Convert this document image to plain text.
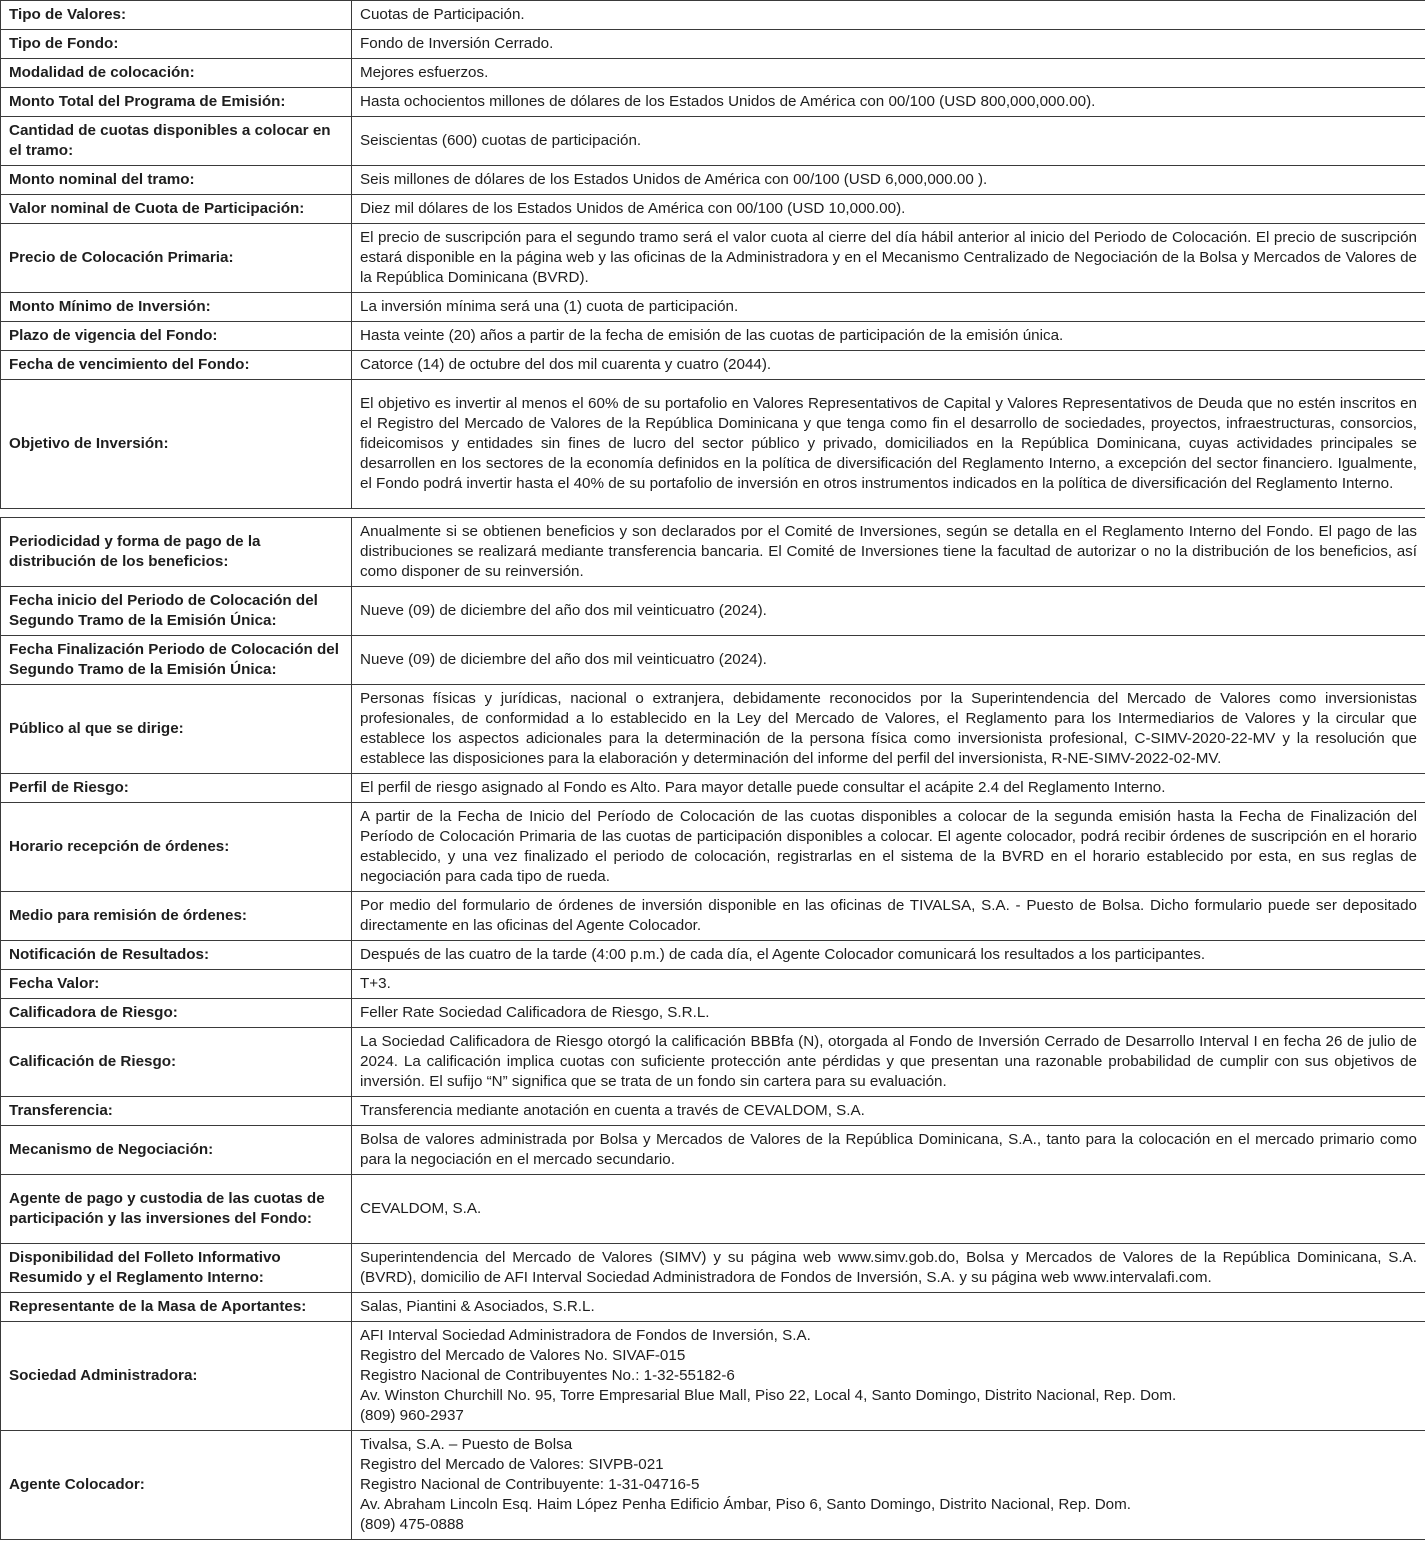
Tipo de Valores:	Cuotas de Participación.
Tipo de Fondo:	Fondo de Inversión Cerrado.
Modalidad de colocación:	Mejores esfuerzos.
Monto Total del Programa de Emisión:	Hasta ochocientos millones de dólares de los Estados Unidos de América con 00/100 (USD 800,000,000.00).
Cantidad de cuotas disponibles a colocar en el tramo:	Seiscientas (600) cuotas de participación.
Monto nominal del tramo:	Seis millones de dólares de los Estados Unidos de América con 00/100 (USD 6,000,000.00 ).
Valor nominal de Cuota de Participación:	Diez mil dólares de los Estados Unidos de América con 00/100 (USD 10,000.00).
Precio de Colocación Primaria:	El precio de suscripción para el segundo tramo será el valor cuota al cierre del día hábil anterior al inicio del Periodo de Colocación. El precio de suscripción estará disponible en la página web y las oficinas de la Administradora y en el Mecanismo Centralizado de Negociación de la Bolsa y Mercados de Valores de la República Dominicana (BVRD).
Monto Mínimo de Inversión:	La inversión mínima será una (1) cuota de participación.
Plazo de vigencia del Fondo:	Hasta veinte (20) años a partir de la fecha de emisión de las cuotas de participación de la emisión única.
Fecha de vencimiento del Fondo:	Catorce (14) de octubre del dos mil cuarenta y cuatro (2044).
Objetivo de Inversión:	El objetivo es invertir al menos el 60% de su portafolio en Valores Representativos de Capital y Valores Representativos de Deuda que no estén inscritos en el Registro del Mercado de Valores de la República Dominicana y que tenga como fin el desarrollo de sociedades, proyectos, infraestructuras, consorcios, fideicomisos y entidades sin fines de lucro del sector público y privado, domiciliados en la República Dominicana, cuyas actividades principales se desarrollen en los sectores de la economía definidos en la política de diversificación del Reglamento Interno, a excepción del sector financiero. Igualmente, el Fondo podrá invertir hasta el 40% de su portafolio de inversión en otros instrumentos indicados en la política de diversificación del Reglamento Interno.
Periodicidad y forma de pago de la distribución de los beneficios:	Anualmente si se obtienen beneficios y son declarados por el Comité de Inversiones, según se detalla en el Reglamento Interno del Fondo. El pago de las distribuciones se realizará mediante transferencia bancaria. El Comité de Inversiones tiene la facultad de autorizar o no la distribución de los beneficios, así como disponer de su reinversión.
Fecha inicio del Periodo de Colocación del Segundo Tramo de la Emisión Única:	Nueve (09) de diciembre del año dos mil veinticuatro (2024).
Fecha Finalización Periodo de Colocación del Segundo Tramo de la Emisión Única:	Nueve (09) de diciembre del año dos mil veinticuatro (2024).
Público al que se dirige:	Personas físicas y jurídicas, nacional o extranjera, debidamente reconocidos por la Superintendencia del Mercado de Valores como inversionistas profesionales, de conformidad a lo establecido en la Ley del Mercado de Valores, el Reglamento para los Intermediarios de Valores y la circular que establece los aspectos adicionales para la determinación de la persona física como inversionista profesional, C-SIMV-2020-22-MV y la resolución que establece las disposiciones para la elaboración y determinación del informe del perfil del inversionista, R-NE-SIMV-2022-02-MV.
Perfil de Riesgo:	El perfil de riesgo asignado al Fondo es Alto. Para mayor detalle puede consultar el acápite 2.4 del Reglamento Interno.
Horario recepción de órdenes:	A partir de la Fecha de Inicio del Período de Colocación de las cuotas disponibles a colocar de la segunda emisión hasta la Fecha de Finalización del Período de Colocación Primaria de las cuotas de participación disponibles a colocar. El agente colocador, podrá recibir órdenes de suscripción en el horario establecido, y una vez finalizado el periodo de colocación, registrarlas en el sistema de la BVRD en el horario establecido por esta, en sus reglas de negociación para cada tipo de rueda.
Medio para remisión de órdenes:	Por medio del formulario de órdenes de inversión disponible en las oficinas de TIVALSA, S.A. - Puesto de Bolsa. Dicho formulario puede ser depositado directamente en las oficinas del Agente Colocador.
Notificación de Resultados:	Después de las cuatro de la tarde (4:00 p.m.) de cada día, el Agente Colocador comunicará los resultados a los participantes.
Fecha Valor:	T+3.
Calificadora de Riesgo:	Feller Rate Sociedad Calificadora de Riesgo, S.R.L.
Calificación de Riesgo:	La Sociedad Calificadora de Riesgo otorgó la calificación BBBfa (N), otorgada al Fondo de Inversión Cerrado de Desarrollo Interval I en fecha 26 de julio de 2024. La calificación implica cuotas con suficiente protección ante pérdidas y que presentan una razonable probabilidad de cumplir con sus objetivos de inversión. El sufijo “N” significa que se trata de un fondo sin cartera para su evaluación.
Transferencia:	Transferencia mediante anotación en cuenta a través de CEVALDOM, S.A.
Mecanismo de Negociación:	Bolsa de valores administrada por Bolsa y Mercados de Valores de la República Dominicana, S.A., tanto para la colocación en el mercado primario como para la negociación en el mercado secundario.
Agente de pago y custodia de las cuotas de participación y las inversiones del Fondo:	CEVALDOM, S.A.
Disponibilidad del Folleto Informativo Resumido y el Reglamento Interno:	Superintendencia del Mercado de Valores (SIMV) y su página web www.simv.gob.do, Bolsa y Mercados de Valores de la República Dominicana, S.A. (BVRD), domicilio de AFI Interval Sociedad Administradora de Fondos de Inversión, S.A. y su página web www.intervalafi.com.
Representante de la Masa de Aportantes:	Salas, Piantini & Asociados, S.R.L.
Sociedad Administradora:	AFI Interval Sociedad Administradora de Fondos de Inversión, S.A.
Registro del Mercado de Valores No. SIVAF-015
Registro Nacional de Contribuyentes No.: 1-32-55182-6
Av. Winston Churchill No. 95, Torre Empresarial Blue Mall, Piso 22, Local 4, Santo Domingo, Distrito Nacional, Rep. Dom.
(809) 960-2937

Agente Colocador:	Tivalsa, S.A. – Puesto de Bolsa
Registro del Mercado de Valores: SIVPB-021
Registro Nacional de Contribuyente: 1-31-04716-5
Av. Abraham Lincoln Esq. Haim López Penha Edificio Ámbar, Piso 6, Santo Domingo, Distrito Nacional, Rep. Dom.
(809) 475-0888
